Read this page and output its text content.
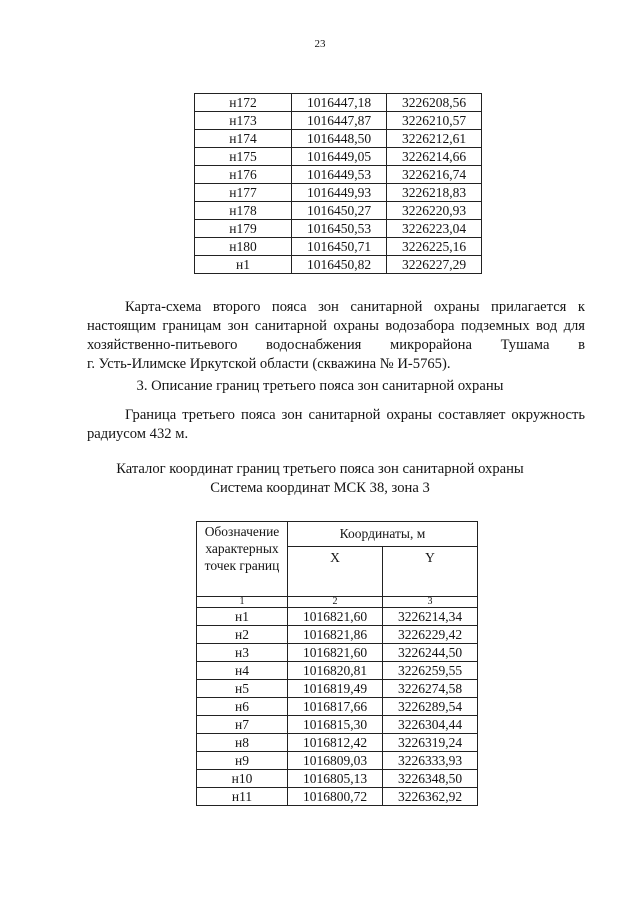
23
н172	1016447,18	3226208,56
н173	1016447,87	3226210,57
н174	1016448,50	3226212,61
н175	1016449,05	3226214,66
н176	1016449,53	3226216,74
н177	1016449,93	3226218,83
н178	1016450,27	3226220,93
н179	1016450,53	3226223,04
н180	1016450,71	3226225,16
н1	1016450,82	3226227,29
Карта-схема второго пояса зон санитарной охраны прилагается к
настоящим границам зон санитарной охраны водозабора подземных вод для
хозяйственно-питьевого водоснабжения микрорайона Тушама в
г. Усть-Илимске Иркутской области (скважина № И-5765).
3. Описание границ третьего пояса зон санитарной охраны
Граница третьего пояса зон санитарной охраны составляет окружность
радиусом 432 м.
Каталог координат границ третьего пояса зон санитарной охраны
Система координат МСК 38, зона 3
Обозначение характерных точек границ	Координаты, м	
	X	Y
1	2	3
н1	1016821,60	3226214,34
н2	1016821,86	3226229,42
н3	1016821,60	3226244,50
н4	1016820,81	3226259,55
н5	1016819,49	3226274,58
н6	1016817,66	3226289,54
н7	1016815,30	3226304,44
н8	1016812,42	3226319,24
н9	1016809,03	3226333,93
н10	1016805,13	3226348,50
н11	1016800,72	3226362,92
